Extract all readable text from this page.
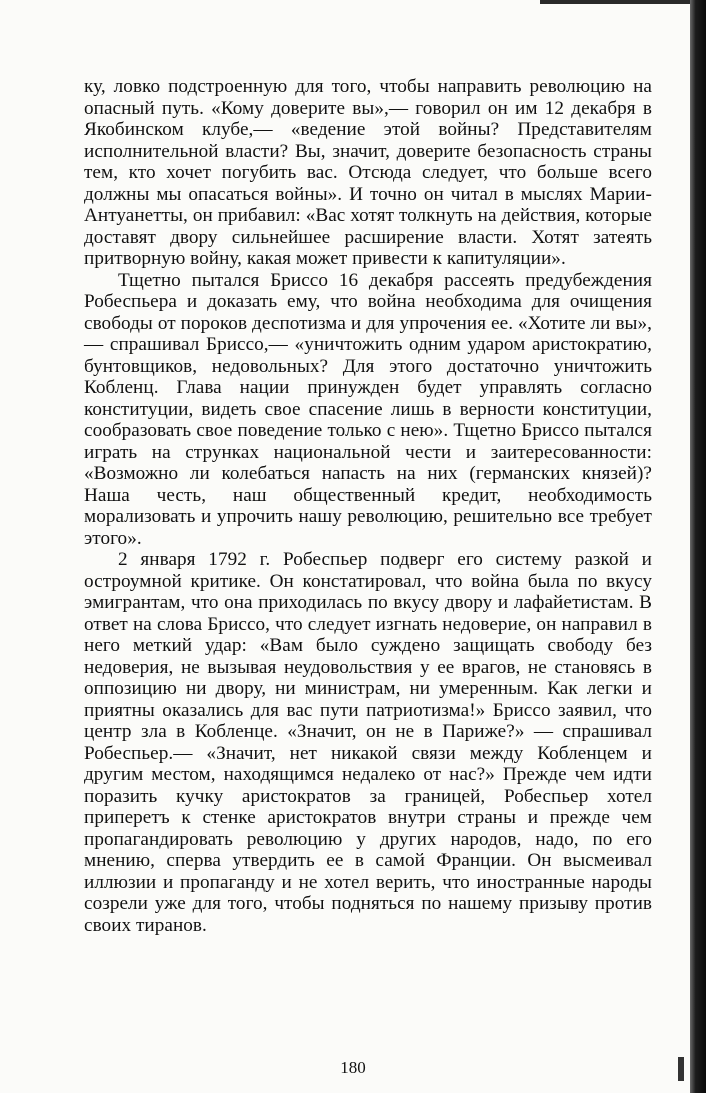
ку, ловко подстроенную для того, чтобы направить революцию на опасный путь. «Кому доверите вы»,— говорил он им 12 декабря в Якобинском клубе,— «ведение этой войны? Представителям исполнительной власти? Вы, значит, доверите безопасность страны тем, кто хочет погубить вас. Отсюда следует, что больше всего должны мы опасаться войны». И точно он читал в мыслях Марии-Антуанетты, он прибавил: «Вас хотят толкнуть на действия, которые доставят двору сильнейшее расширение власти. Хотят затеять притворную войну, какая может привести к капитуляции».

Тщетно пытался Бриссо 16 декабря рассеять предубеждения Робеспьера и доказать ему, что война необходима для очищения свободы от пороков деспотизма и для упрочения ее. «Хотите ли вы»,— спрашивал Бриссо,— «уничтожить одним ударом аристократию, бунтовщиков, недовольных? Для этого достаточно уничтожить Кобленц. Глава нации принужден будет управлять согласно конституции, видеть свое спасение лишь в верности конституции, сообразовать свое поведение только с нею». Тщетно Бриссо пытался играть на струнках национальной чести и заитересованности: «Возможно ли колебаться напасть на них (германских князей)? Наша честь, наш общественный кредит, необходимость морализовать и упрочить нашу революцию, решительно все требует этого».

2 января 1792 г. Робеспьер подверг его систему разкой и остроумной критике. Он констатировал, что война была по вкусу эмигрантам, что она приходилась по вкусу двору и лафайетистам. В ответ на слова Бриссо, что следует изгнать недоверие, он направил в него меткий удар: «Вам было суждено защищать свободу без недоверия, не вызывая неудовольствия у ее врагов, не становясь в оппозицию ни двору, ни министрам, ни умеренным. Как легки и приятны оказались для вас пути патриотизма!» Бриссо заявил, что центр зла в Кобленце. «Значит, он не в Париже?» — спрашивал Робеспьер.— «Значит, нет никакой связи между Кобленцем и другим местом, находящимся недалеко от нас?» Прежде чем идти поразить кучку аристократов за границей, Робеспьер хотел приперетъ к стенке аристократов внутри страны и прежде чем пропагандировать революцию у других народов, надо, по его мнению, сперва утвердить ее в самой Франции. Он высмеивал иллюзии и пропаганду и не хотел верить, что иностранные народы созрели уже для того, чтобы подняться по нашему призыву против своих тиранов.

180
